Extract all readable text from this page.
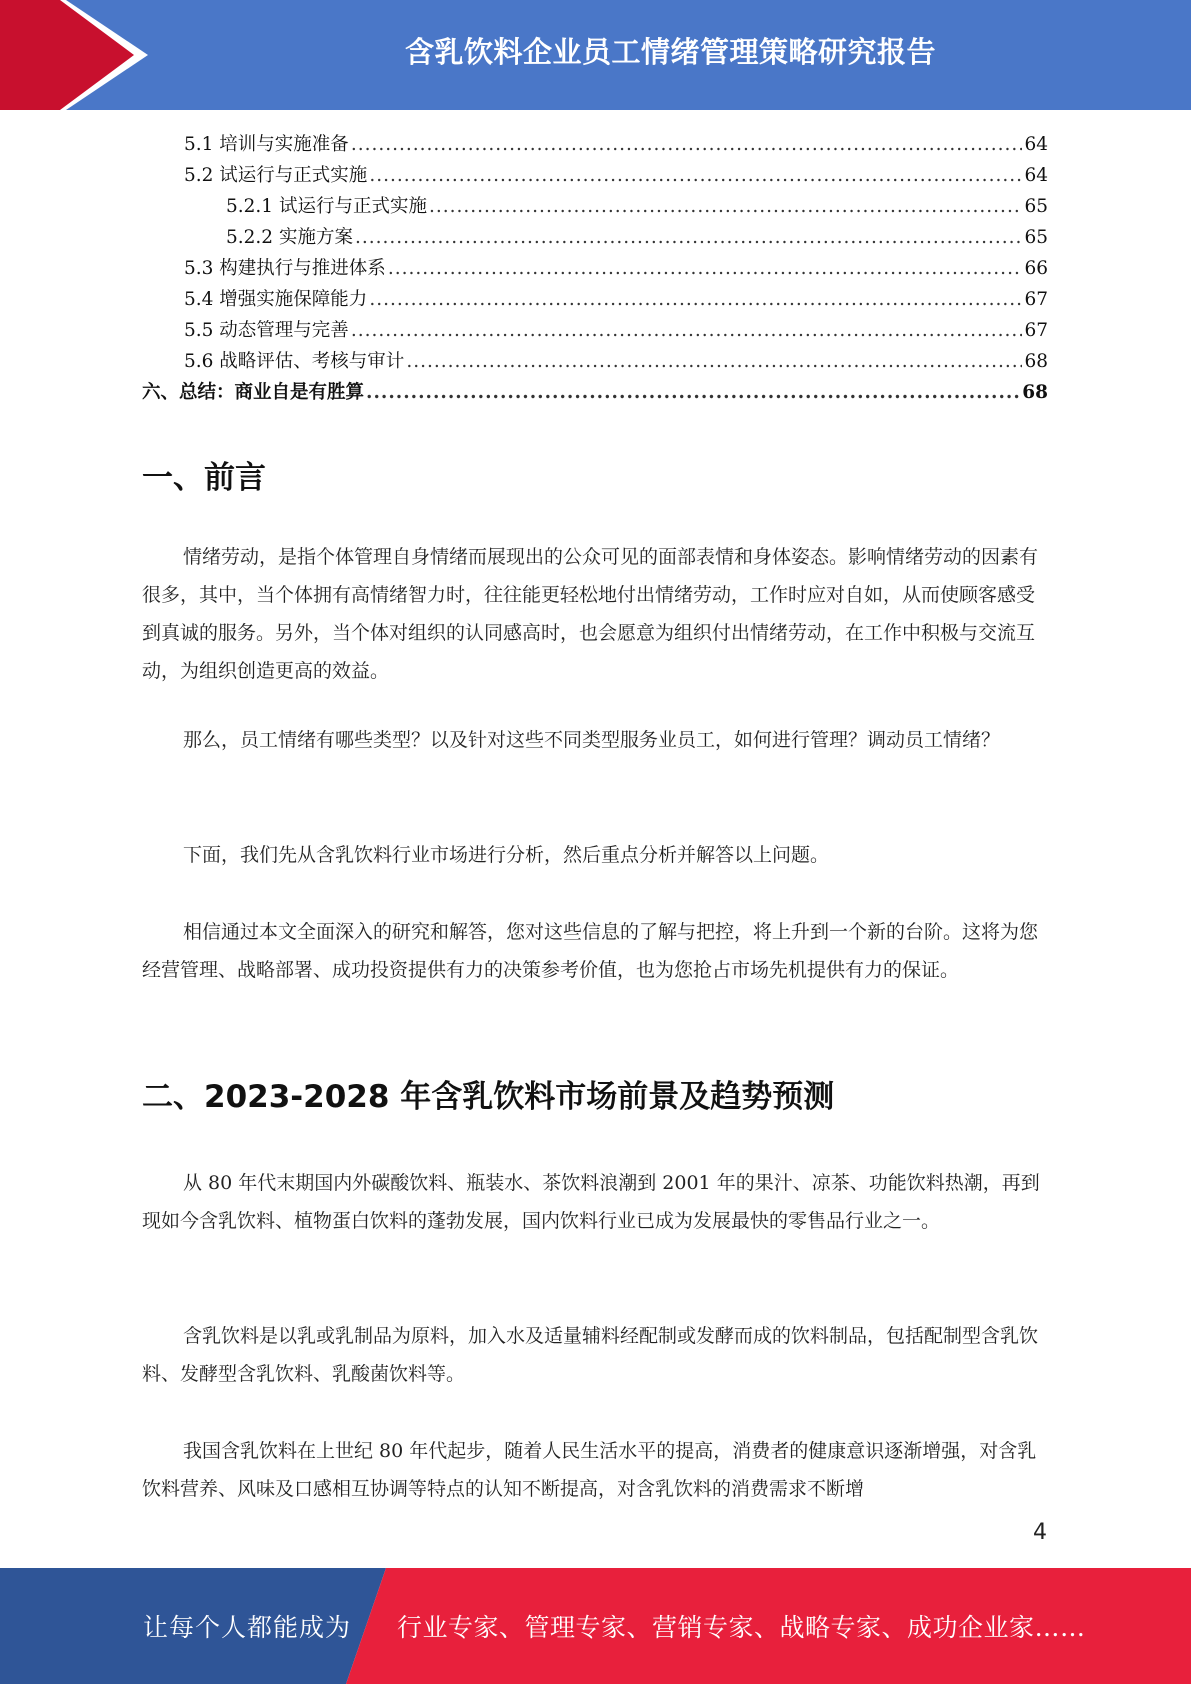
含乳饮料企业员工情绪管理策略研究报告
5.1 培训与实施准备 .....	64
5.2 试运行与正式实施 .....	64
5.2.1 试运行与正式实施 .....	65
5.2.2 实施方案 .....	65
5.3 构建执行与推进体系 .....	66
5.4 增强实施保障能力 .....	67
5.5 动态管理与完善 .....	67
5.6 战略评估、考核与审计 .....	68
六、总结：商业自是有胜算 .....	68
一、前言

情绪劳动，是指个体管理自身情绪而展现出的公众可见的面部表情和身体姿态。影响情绪劳动的因素有很多，其中，当个体拥有高情绪智力时，往往能更轻松地付出情绪劳动，工作时应对自如，从而使顾客感受到真诚的服务。另外，当个体对组织的认同感高时，也会愿意为组织付出情绪劳动，在工作中积极与交流互动，为组织创造更高的效益。

那么，员工情绪有哪些类型？以及针对这些不同类型服务业员工，如何进行管理？调动员工情绪？

下面，我们先从含乳饮料行业市场进行分析，然后重点分析并解答以上问题。

相信通过本文全面深入的研究和解答，您对这些信息的了解与把控，将上升到一个新的台阶。这将为您经营管理、战略部署、成功投资提供有力的决策参考价值，也为您抢占市场先机提供有力的保证。

二、2023-2028 年含乳饮料市场前景及趋势预测

从 80 年代末期国内外碳酸饮料、瓶装水、茶饮料浪潮到 2001 年的果汁、凉茶、功能饮料热潮，再到现如今含乳饮料、植物蛋白饮料的蓬勃发展，国内饮料行业已成为发展最快的零售品行业之一。

含乳饮料是以乳或乳制品为原料，加入水及适量辅料经配制或发酵而成的饮料制品，包括配制型含乳饮料、发酵型含乳饮料、乳酸菌饮料等。

我国含乳饮料在上世纪 80 年代起步，随着人民生活水平的提高，消费者的健康意识逐渐增强，对含乳饮料营养、风味及口感相互协调等特点的认知不断提高，对含乳饮料的消费需求不断增

4
让每个人都能成为 行业专家、管理专家、营销专家、战略专家、成功企业家……
